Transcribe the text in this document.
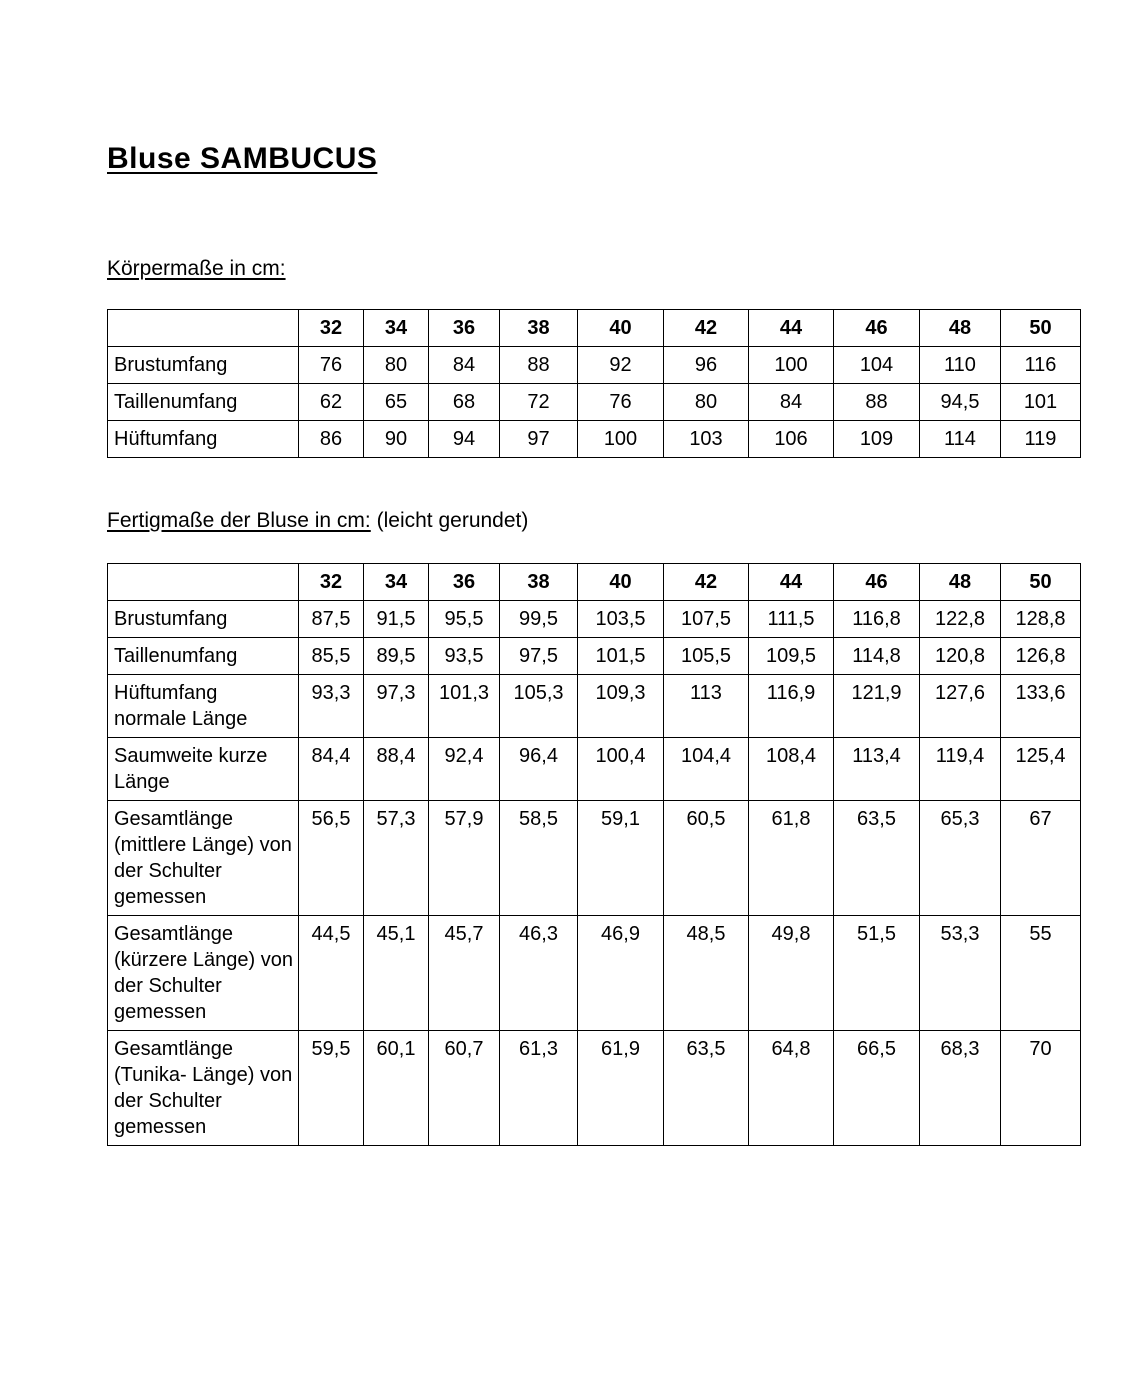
Bluse SAMBUCUS

Körpermaße in cm:

	32	34	36	38	40	42	44	46	48	50
Brustumfang	76	80	84	88	92	96	100	104	110	116
Taillenumfang	62	65	68	72	76	80	84	88	94,5	101
Hüftumfang	86	90	94	97	100	103	106	109	114	119

Fertigmaße der Bluse in cm: (leicht gerundet)

	32	34	36	38	40	42	44	46	48	50
Brustumfang	87,5	91,5	95,5	99,5	103,5	107,5	111,5	116,8	122,8	128,8
Taillenumfang	85,5	89,5	93,5	97,5	101,5	105,5	109,5	114,8	120,8	126,8
Hüftumfang normale Länge	93,3	97,3	101,3	105,3	109,3	113	116,9	121,9	127,6	133,6
Saumweite kurze Länge	84,4	88,4	92,4	96,4	100,4	104,4	108,4	113,4	119,4	125,4
Gesamtlänge (mittlere Länge) von der Schulter gemessen	56,5	57,3	57,9	58,5	59,1	60,5	61,8	63,5	65,3	67
Gesamtlänge (kürzere Länge) von der Schulter gemessen	44,5	45,1	45,7	46,3	46,9	48,5	49,8	51,5	53,3	55
Gesamtlänge (Tunika- Länge) von der Schulter gemessen	59,5	60,1	60,7	61,3	61,9	63,5	64,8	66,5	68,3	70
